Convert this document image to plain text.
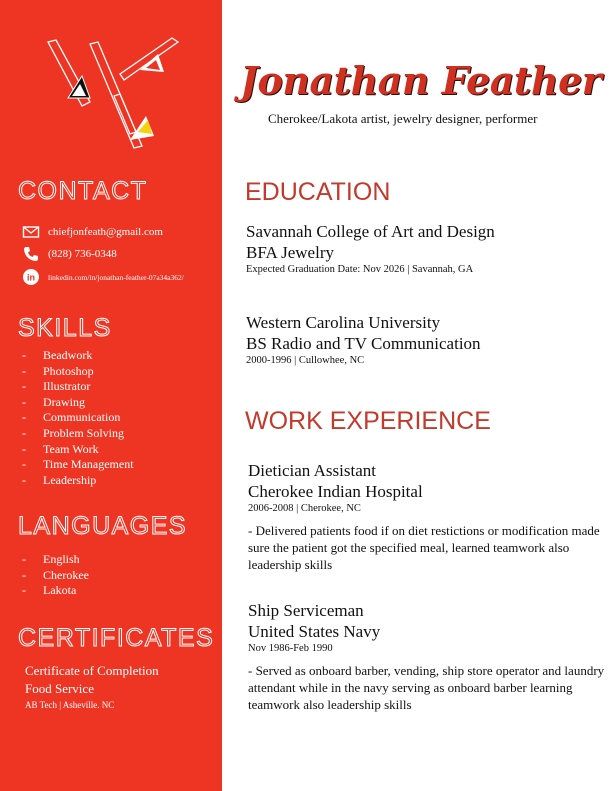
CONTACT
chiefjonfeath@gmail.com
(828) 736-0348
in linkedin.com/in/jonathan-feather-07a34a362/
SKILLS
- Beadwork
- Photoshop
- Illustrator
- Drawing
- Communication
- Problem Solving
- Team Work
- Time Management
- Leadership
LANGUAGES
- English
- Cherokee
- Lakota
CERTIFICATES
Certificate of Completion
Food Service
AB Tech | Asheville. NC
Jonathan Feather
Cherokee/Lakota artist, jewelry designer, performer
EDUCATION
Savannah College of Art and Design
BFA Jewelry
Expected Graduation Date: Nov 2026 | Savannah, GA
Western Carolina University
BS Radio and TV Communication
2000-1996 | Cullowhee, NC
WORK EXPERIENCE
Dietician Assistant
Cherokee Indian Hospital
2006-2008 | Cherokee, NC
- Delivered patients food if on diet restictions or modification made sure the patient got the specified meal, learned teamwork also leadership skills
Ship Serviceman
United States Navy
Nov 1986-Feb 1990
- Served as onboard barber, vending, ship store operator and laundry attendant while in the navy serving as onboard barber learning teamwork also leadership skills
